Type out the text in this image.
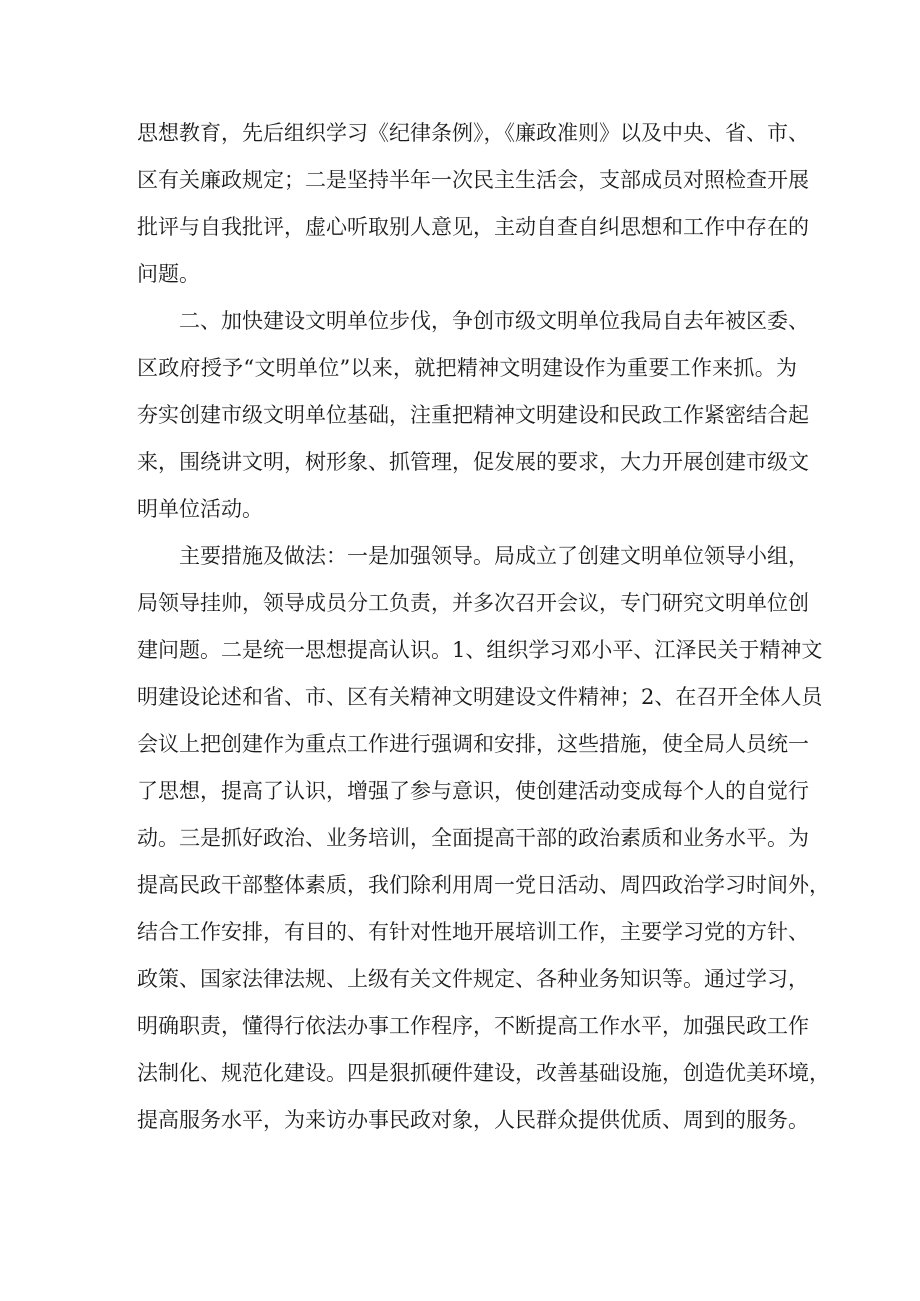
思想教育，先后组织学习《纪律条例》，《廉政准则》以及中央、省、市、
区有关廉政规定；二是坚持半年一次民主生活会，支部成员对照检查开展
批评与自我批评，虚心听取别人意见，主动自查自纠思想和工作中存在的
问题。
二、加快建设文明单位步伐，争创市级文明单位我局自去年被区委、
区政府授予“文明单位”以来，就把精神文明建设作为重要工作来抓。为
夯实创建市级文明单位基础，注重把精神文明建设和民政工作紧密结合起
来，围绕讲文明，树形象、抓管理，促发展的要求，大力开展创建市级文
明单位活动。
主要措施及做法：一是加强领导。局成立了创建文明单位领导小组，
局领导挂帅，领导成员分工负责，并多次召开会议，专门研究文明单位创
建问题。二是统一思想提高认识。1、组织学习邓小平、江泽民关于精神文
明建设论述和省、市、区有关精神文明建设文件精神；2、在召开全体人员
会议上把创建作为重点工作进行强调和安排，这些措施，使全局人员统一
了思想，提高了认识，增强了参与意识，使创建活动变成每个人的自觉行
动。三是抓好政治、业务培训，全面提高干部的政治素质和业务水平。为
提高民政干部整体素质，我们除利用周一党日活动、周四政治学习时间外，
结合工作安排，有目的、有针对性地开展培训工作，主要学习党的方针、
政策、国家法律法规、上级有关文件规定、各种业务知识等。通过学习，
明确职责，懂得行依法办事工作程序，不断提高工作水平，加强民政工作
法制化、规范化建设。四是狠抓硬件建设，改善基础设施，创造优美环境，
提高服务水平，为来访办事民政对象，人民群众提供优质、周到的服务。
